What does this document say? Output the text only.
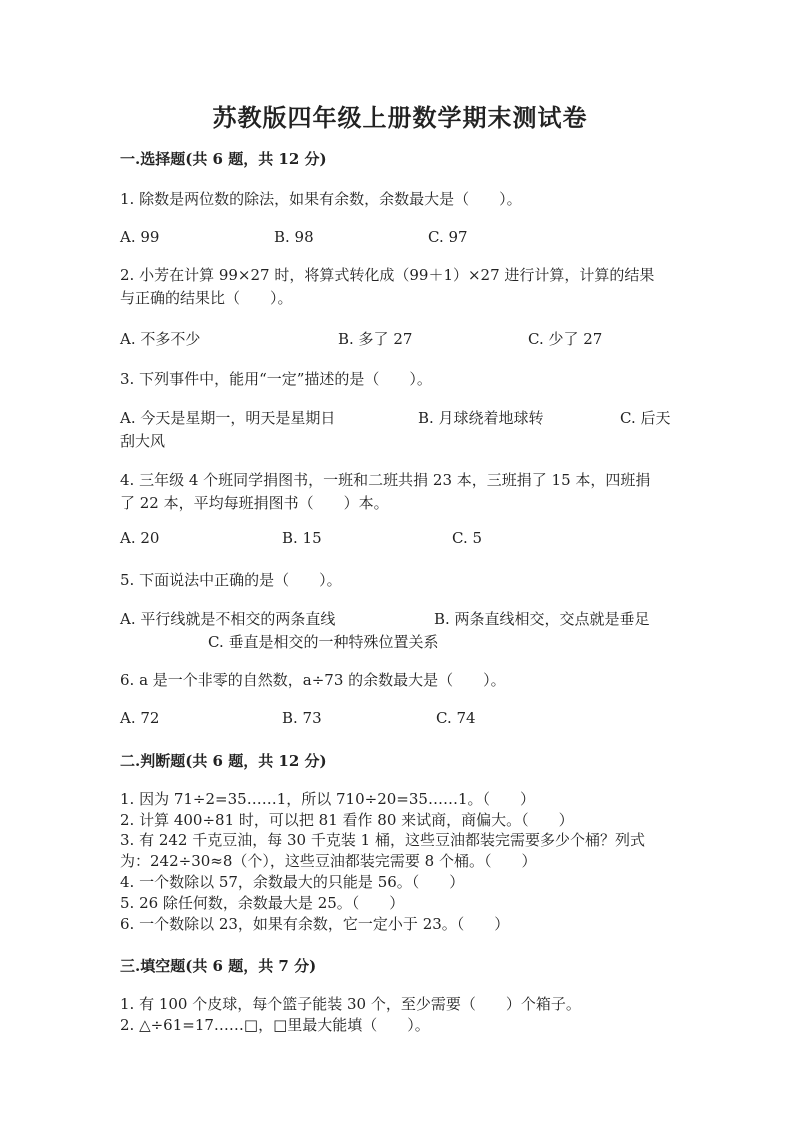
苏教版四年级上册数学期末测试卷
一.选择题(共 6 题，共 12 分)
1. 除数是两位数的除法，如果有余数，余数最大是（　　）。
A. 99	B. 98	C. 97
2. 小芳在计算 99×27 时，将算式转化成（99＋1）×27 进行计算，计算的结果
与正确的结果比（　　）。
A. 不多不少	B. 多了 27	C. 少了 27
3. 下列事件中，能用“一定”描述的是（　　）。
A. 今天是星期一，明天是星期日	B. 月球绕着地球转	C. 后天
刮大风
4. 三年级 4 个班同学捐图书，一班和二班共捐 23 本，三班捐了 15 本，四班捐
了 22 本，平均每班捐图书（　　）本。
A. 20	B. 15	C. 5
5. 下面说法中正确的是（　　）。
A. 平行线就是不相交的两条直线	B. 两条直线相交，交点就是垂足
C. 垂直是相交的一种特殊位置关系
6. a 是一个非零的自然数，a÷73 的余数最大是（　　）。
A. 72	B. 73	C. 74
二.判断题(共 6 题，共 12 分)
1. 因为 71÷2=35……1，所以 710÷20=35……1。（　　）
2. 计算 400÷81 时，可以把 81 看作 80 来试商，商偏大。（　　）
3. 有 242 千克豆油，每 30 千克装 1 桶，这些豆油都装完需要多少个桶？列式
为：242÷30≈8（个），这些豆油都装完需要 8 个桶。（　　）
4. 一个数除以 57，余数最大的只能是 56。（　　）
5. 26 除任何数，余数最大是 25。（　　）
6. 一个数除以 23，如果有余数，它一定小于 23。（　　）
三.填空题(共 6 题，共 7 分)
1. 有 100 个皮球，每个篮子能装 30 个，至少需要（　　）个箱子。
2. △÷61=17……□，□里最大能填（　　）。
